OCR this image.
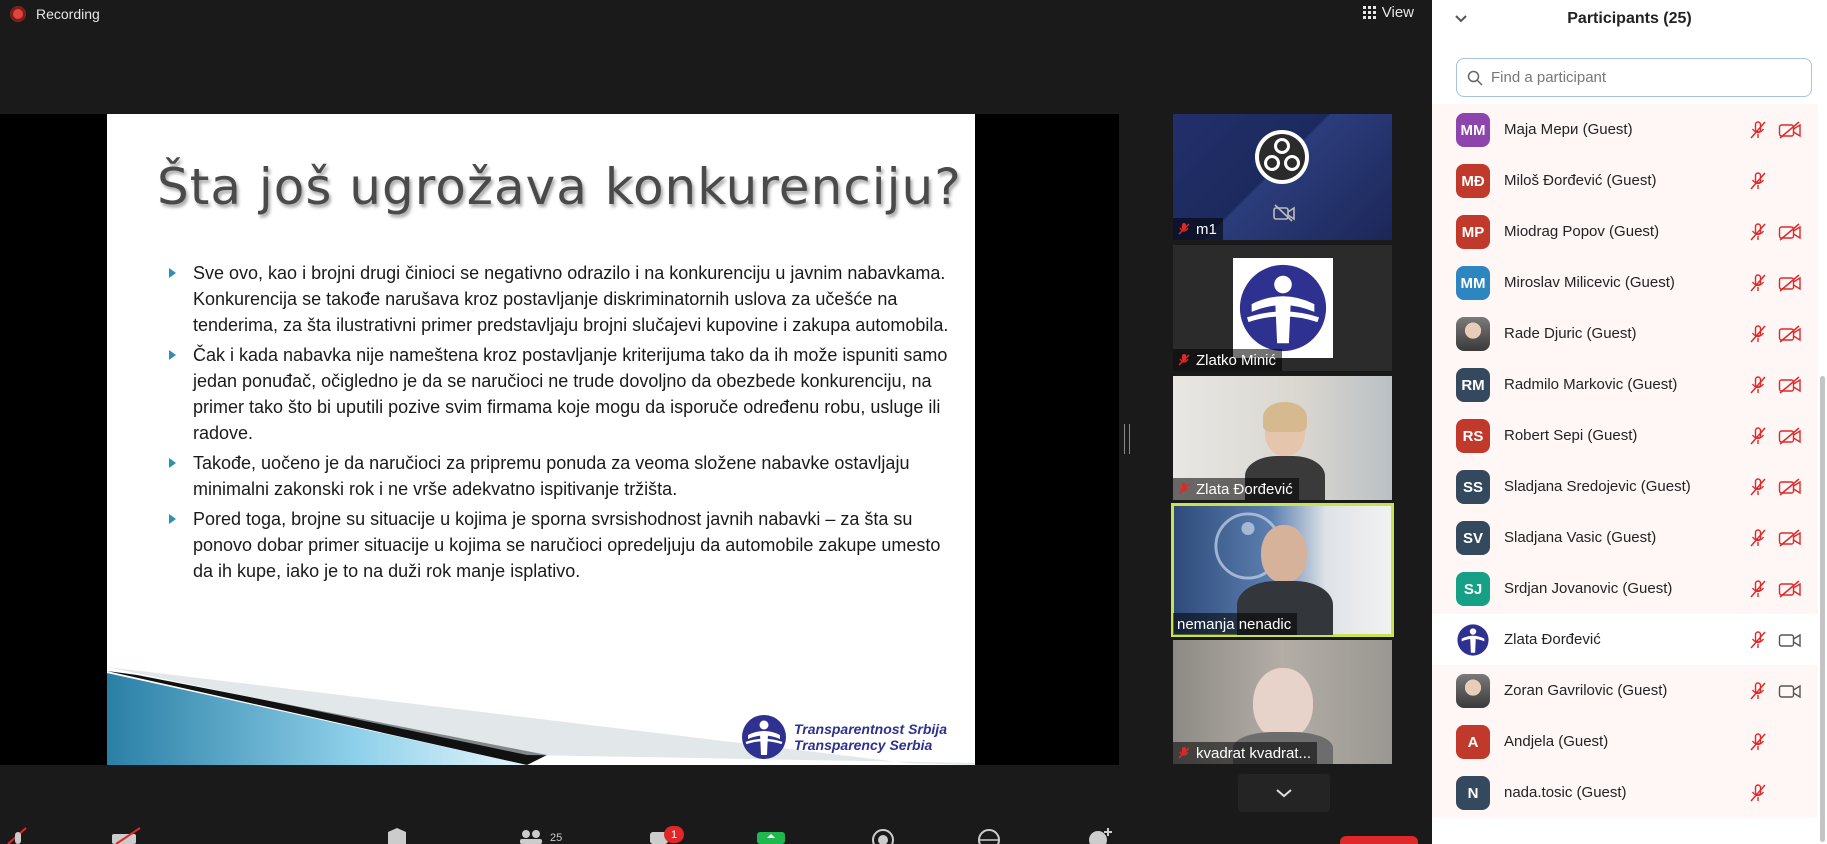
Recording	View
Šta još ugrožava konkurenciju?
Sve ovo, kao i brojni drugi činioci se negativno odrazilo i na konkurenciju u javnim nabavkama. Konkurencija se takođe narušava kroz postavljanje diskriminatornih uslova za učešće na tenderima, za šta ilustrativni primer predstavljaju brojni slučajevi kupovine i zakupa automobila.
Čak i kada nabavka nije nameštena kroz postavljanje kriterijuma tako da ih može ispuniti samo jedan ponuđač, očigledno je da se naručioci ne trude dovoljno da obezbede konkurenciju, na primer tako što bi uputili pozive svim firmama koje mogu da isporuče određenu robu, usluge ili radove.
Takođe, uočeno je da naručioci za pripremu ponuda za veoma složene nabavke ostavljaju minimalni zakonski rok i ne vrše adekvatno ispitivanje tržišta.
Pored toga, brojne su situacije u kojima je sporna svrsishodnost javnih nabavki – za šta su ponovo dobar primer situacije u kojima se naručioci opredeljuju da automobile zakupe umesto da ih kupe, iako je to na duži rok manje isplativo.
Transparentnost Srbija
Transparency Serbia
m1
Zlatko Minić
Zlata Đorđević
nemanja nenadic
kvadrat kvadrat...
25	1
Participants (25)
Find a participant
MM Maja Мери (Guest)
MĐ Miloš Đorđević (Guest)
MP Miodrag Popov (Guest)
MM Miroslav Milicevic (Guest)
Rade Djuric (Guest)
RM Radmilo Markovic (Guest)
RS Robert Sepi (Guest)
SS Sladjana Sredojevic (Guest)
SV Sladjana Vasic (Guest)
SJ Srdjan Jovanovic (Guest)
Zlata Đorđević
Zoran Gavrilovic (Guest)
A Andjela (Guest)
N nada.tosic (Guest)
